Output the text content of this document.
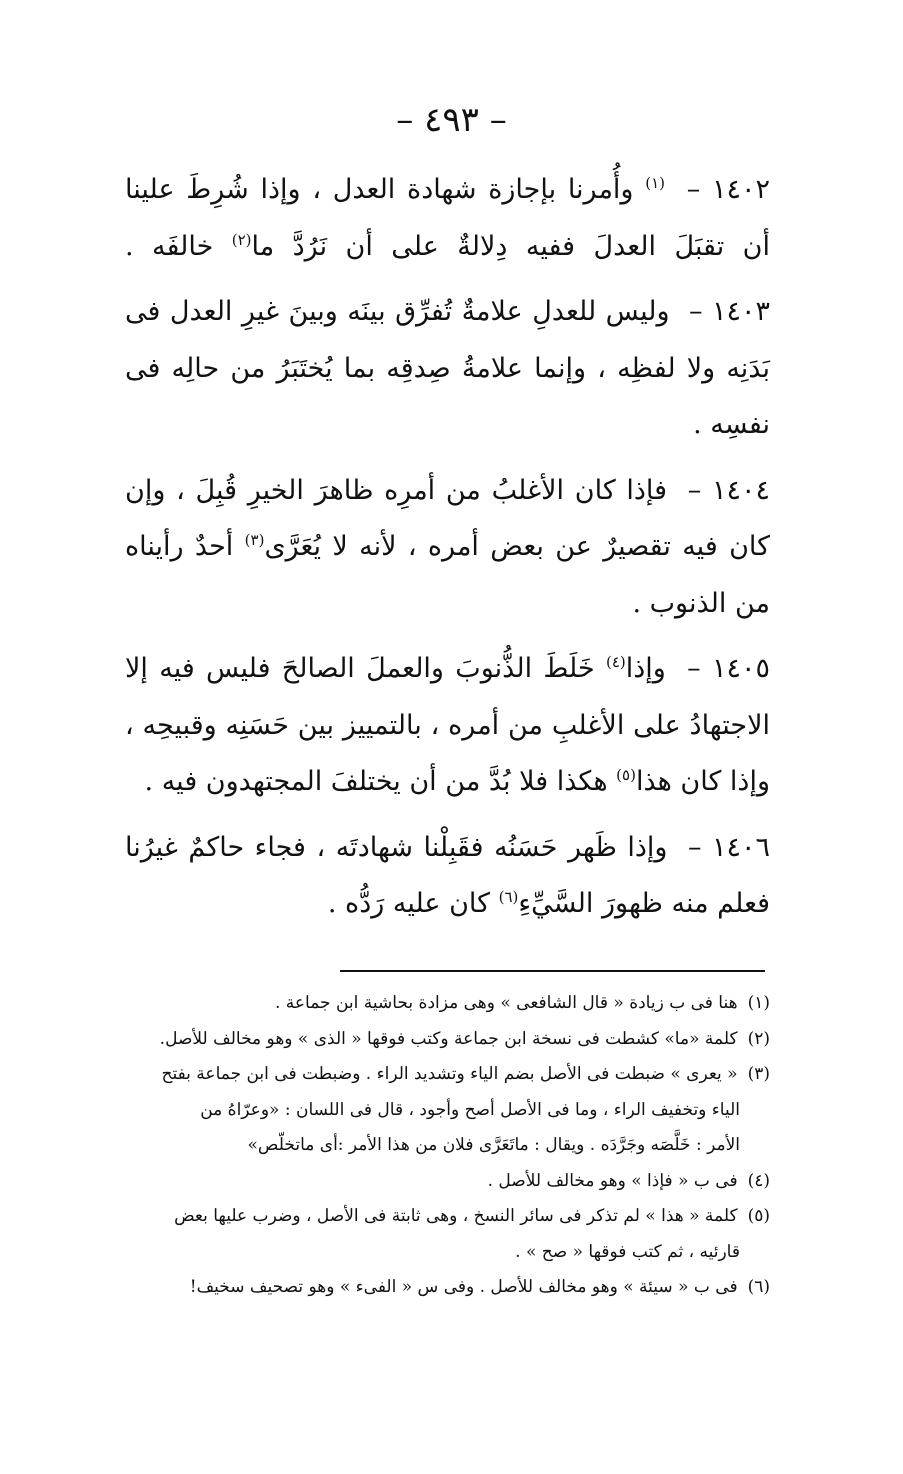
– ٤٩٣ –

١٤٠٢ – $^{(١)}$ وأُمرنا بإجازة شهادة العدل ، وإذا شُرِطَ علينا أن تقبَلَ العدلَ ففيه دِلالةٌ على أن نَرُدَّ ما$^{(٢)}$ خالفَه .

١٤٠٣ – وليس للعدلِ علامةٌ تُفرِّق بينَه وبينَ غيرِ العدل فى بَدَنِه ولا لفظِه ، وإنما علامةُ صِدقِه بما يُختَبَرُ من حالِه فى نفسِه .

١٤٠٤ – فإذا كان الأغلبُ من أمرِه ظاهرَ الخيرِ قُبِلَ ، وإن كان فيه تقصيرٌ عن بعض أمره ، لأنه لا يُعَرَّى$^{(٣)}$ أحدٌ رأيناه من الذنوب .

١٤٠٥ – وإذا$^{(٤)}$ خَلَطَ الذُّنوبَ والعملَ الصالحَ فليس فيه إلا الاجتهادُ على الأغلبِ من أمره ، بالتمييز بين حَسَنِه وقبيحِه ، وإذا كان هذا$^{(٥)}$ هكذا فلا بُدَّ من أن يختلفَ المجتهدون فيه .

١٤٠٦ – وإذا ظَهر حَسَنُه فقَبِلْنا شهادتَه ، فجاء حاكمٌ غيرُنا فعلم منه ظهورَ السَّيِّءِ$^{(٦)}$ كان عليه رَدُّه .

(١)هنا فى ب زيادة « قال الشافعى » وهى مزادة بحاشية ابن جماعة .

(٢)كلمة «ما» كشطت فى نسخة ابن جماعة وكتب فوقها « الذى » وهو مخالف للأصل.

(٣)« يعرى » ضبطت فى الأصل بضم الياء وتشديد الراء . وضبطت فى ابن جماعة بفتح

الياء وتخفيف الراء ، وما فى الأصل أصح وأجود ، قال فى اللسان : «وعرّاهُ من

الأمر : خَلَّصَه وجَرَّدَه . ويقال : ماتَعَرَّى فلان من هذا الأمر :أى ماتخلّص»

(٤)فى ب « فإذا » وهو مخالف للأصل .

(٥)كلمة « هذا » لم تذكر فى سائر النسخ ، وهى ثابتة فى الأصل ، وضرب عليها بعض

قارئيه ، ثم كتب فوقها « صح » .

(٦)فى ب « سيئة » وهو مخالف للأصل . وفى س « الفىء » وهو تصحيف سخيف!
